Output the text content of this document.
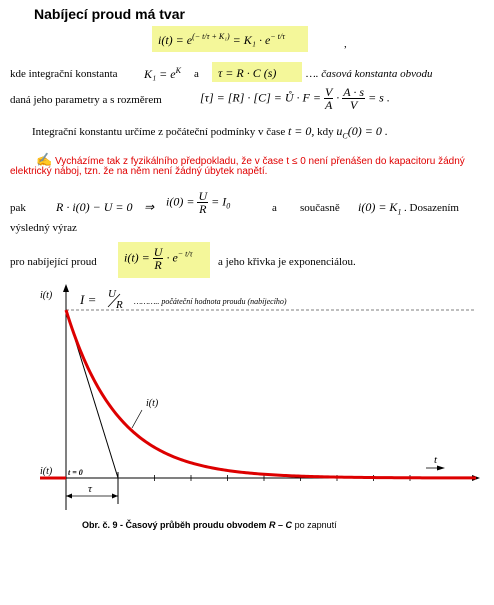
Nabíjecí proud má tvar
$i(t) = e^{(- t/\tau + K_1)} = K_1 \cdot e^{- t/\tau}$
,
kde integrační konstanta $K_1 = e^K$ a τ = R · C (s)	…. časová konstanta obvodu
daná jeho parametry a s rozměrem	[τ] = [R] · [C] = Ů · $F = \frac{V}{A} \cdot \frac{A \cdot s}{V} = s$ .
Integrační konstantu určíme z počáteční podmínky v čase t = 0, kdy $u_C(0) = 0$ .
✍ Vycházíme tak z fyzikálního předpokladu, že v čase t ≤ 0 není přenášen do kapacitoru žádný
elektrický náboj, tzn. že na něm není žádný úbytek napětí.
pak	R · i(0) − U = 0 ⇒ $i(0) = \frac{U}{R} = I_0$	a současně $i(0) = K_1$ . Dosazením
výsledný výraz
pro nabíjející proud $i(t) = \frac{U}{R} \cdot e^{- t/\tau}$
a jeho křivka je exponenciálou.
i(t)
i(t)
I = U
R ……….. počáteční hodnota proudu (nabíjecího)
i(t)
t = 0
t
τ
Obr. č. 9 - Časový průběh proudu obvodem R – C po zapnutí
